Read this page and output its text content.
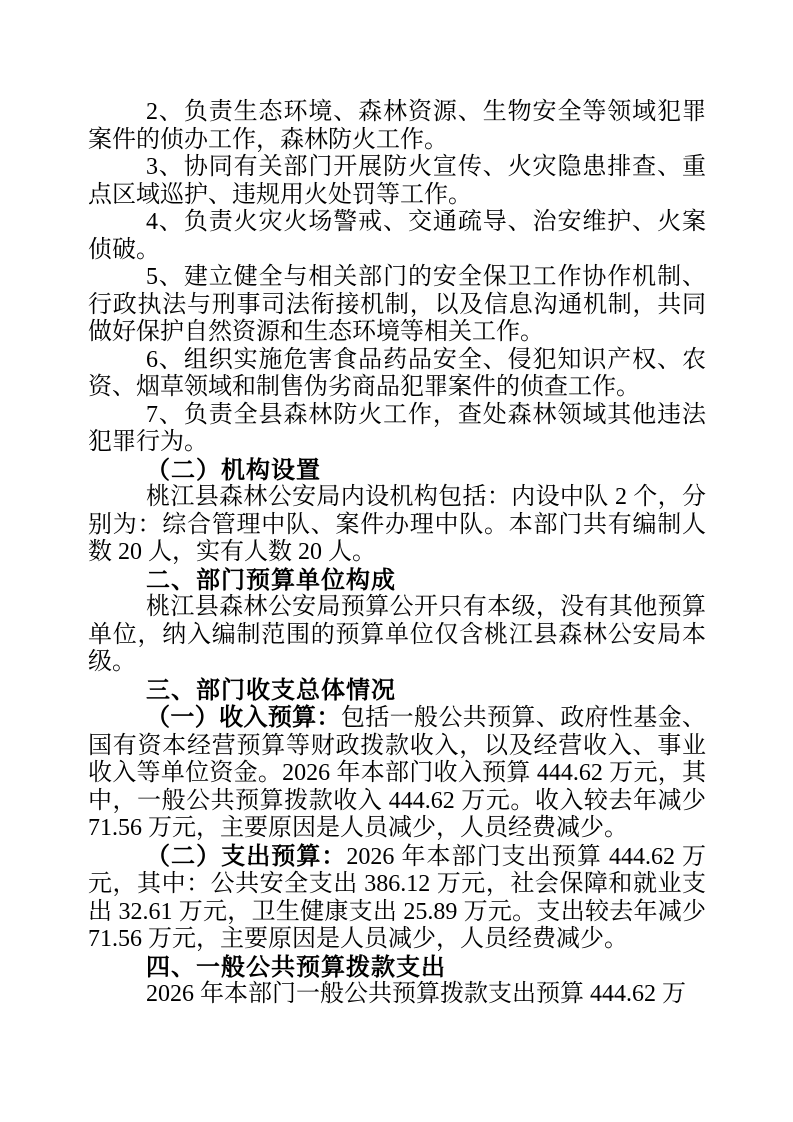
2、负责生态环境、森林资源、生物安全等领域犯罪案件的侦办工作，森林防火工作。

3、协同有关部门开展防火宣传、火灾隐患排查、重点区域巡护、违规用火处罚等工作。

4、负责火灾火场警戒、交通疏导、治安维护、火案侦破。

5、建立健全与相关部门的安全保卫工作协作机制、行政执法与刑事司法衔接机制，以及信息沟通机制，共同做好保护自然资源和生态环境等相关工作。

6、组织实施危害食品药品安全、侵犯知识产权、农资、烟草领域和制售伪劣商品犯罪案件的侦查工作。

7、负责全县森林防火工作，查处森林领域其他违法犯罪行为。

（二）机构设置

桃江县森林公安局内设机构包括：内设中队 2 个，分别为：综合管理中队、案件办理中队。本部门共有编制人数 20 人，实有人数 20 人。

二、部门预算单位构成

桃江县森林公安局预算公开只有本级，没有其他预算单位，纳入编制范围的预算单位仅含桃江县森林公安局本级。

三、部门收支总体情况

（一）收入预算：包括一般公共预算、政府性基金、国有资本经营预算等财政拨款收入，以及经营收入、事业收入等单位资金。2026 年本部门收入预算 444.62 万元，其中，一般公共预算拨款收入 444.62 万元。收入较去年减少 71.56 万元，主要原因是人员减少，人员经费减少。

（二）支出预算：2026 年本部门支出预算 444.62 万元，其中：公共安全支出 386.12 万元，社会保障和就业支出 32.61 万元，卫生健康支出 25.89 万元。支出较去年减少 71.56 万元，主要原因是人员减少，人员经费减少。

四、一般公共预算拨款支出

2026 年本部门一般公共预算拨款支出预算 444.62 万
